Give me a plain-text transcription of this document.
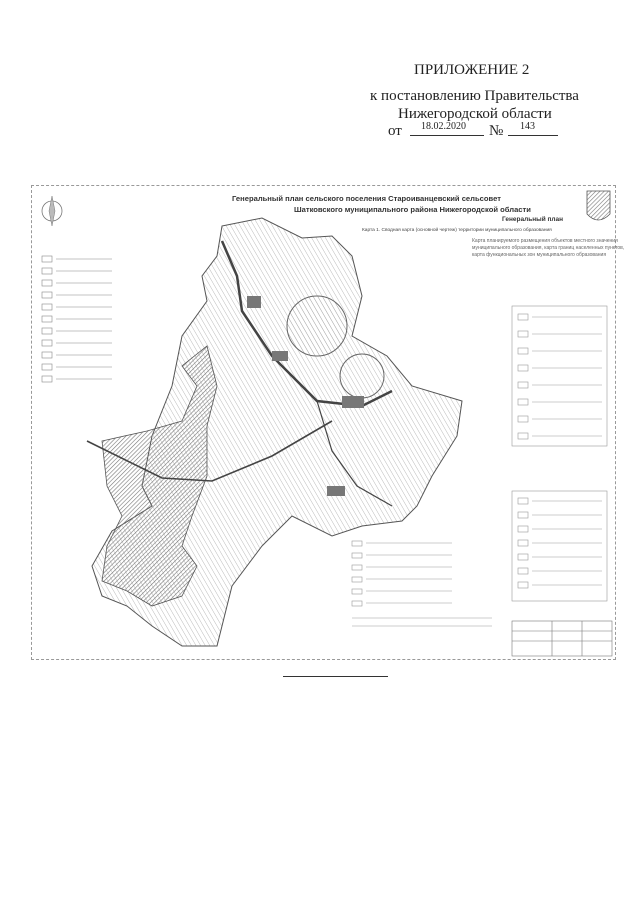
ПРИЛОЖЕНИЕ 2
к постановлению Правительства
Нижегородской области
от 18.02.2020 № 143
Генеральный план сельского поселения Староиванцевский сельсовет
Шатковского муниципального района Нижегородской области
Генеральный план
Карта 1. Сводная карта (основной чертеж) территории муниципального образования
Карта планируемого размещения объектов местного значения
муниципального образования, карта границ населенных пунктов,
карта функциональных зон муниципального образования
